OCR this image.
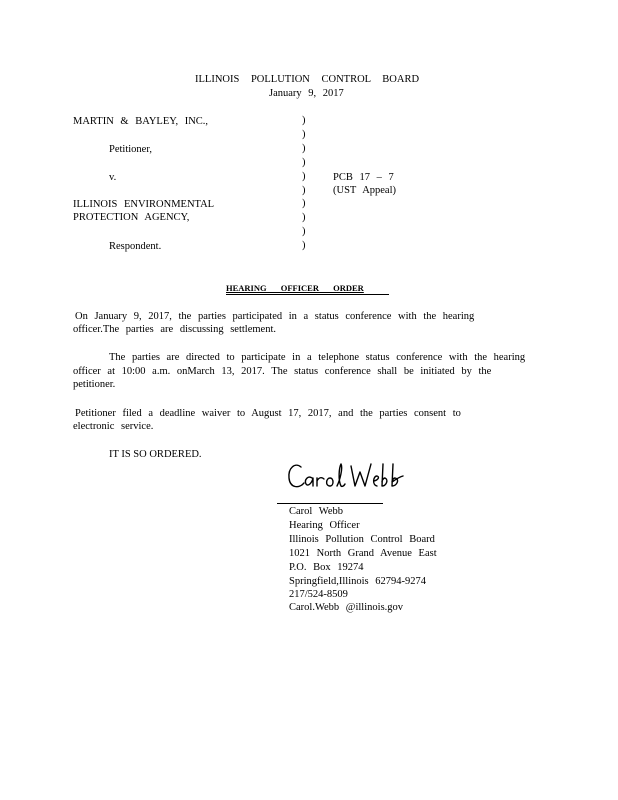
ILLINOIS POLLUTION CONTROL BOARD
January 9, 2017
MARTIN & BAYLEY, INC.,
Petitioner,
v.
ILLINOIS ENVIRONMENTAL
PROTECTION AGENCY,
Respondent.
)
)
)
)
)
)
)
)
)
)
PCB 17 – 7
(UST Appeal)
HEARING OFFICER ORDER
On January 9, 2017, the parties participated in a status conference with the hearing
officer.The parties are discussing settlement.
The parties are directed to participate in a telephone status conference with the hearing
officer at 10:00 a.m. onMarch 13, 2017. The status conference shall be initiated by the
petitioner.
Petitioner filed a deadline waiver to August 17, 2017, and the parties consent to
electronic service.
IT IS SO ORDERED.
Carol Webb
Hearing Officer
Illinois Pollution Control Board
1021 North Grand Avenue East
P.O. Box 19274
Springfield,Illinois 62794-9274
217/524-8509
Carol.Webb @illinois.gov
